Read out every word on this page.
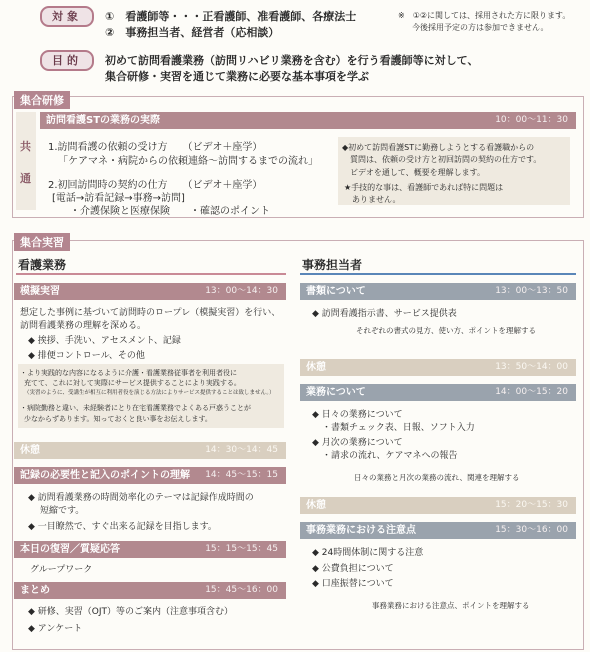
対象	①　看護師等・・・正看護師、准看護師、各療法士
②　事務担当者、経営者（応相談）
※　①②に関しては、採用された方に限ります。
今後採用予定の方は参加できません。
目的	初めて訪問看護業務（訪問リハビリ業務を含む）を行う看護師等に対して、
集合研修・実習を通じて業務に必要な基本事項を学ぶ
集合研修
共
通
訪問看護STの業務の実際	10：00～11：30
1.訪問看護の依頼の受け方　　（ビデオ＋座学）
「ケアマネ・病院からの依頼連絡～訪問するまでの流れ」
2.初回訪問時の契約の仕方　　（ビデオ＋座学）
[電話→訪看記録→事務→訪問]
・介護保険と医療保険　　・確認のポイント
◆初めて訪問看護STに勤務しようとする看護職からの
質問は、依頼の受け方と初回訪問の契約の仕方です。
ビデオを通して、概要を理解します。
★手技的な事は、看護師であれば特に問題は
ありません。
集合実習
看護業務
模擬実習	13：00～14：30
想定した事例に基づいて訪問時のロープレ（模擬実習）を行い、
訪問看護業務の理解を深める。
◆ 挨拶、手洗い、アセスメント、記録
◆ 排便コントロール、その他
・より実践的な内容になるように介護・看護業務従事者を利用者役に
充てて、これに対して実際にサービス提供することにより実践する。
（実習のように、受講生が相互に利用者役を演じる方法によりサービス提供することは致しません。）
・病院勤務と違い、未経験者にとり在宅看護業務でよくある戸惑うことが
少なからずあります。知っておくと良い事をお伝えします。
休憩	14：30～14：45
記録の必要性と記入のポイントの理解 14：45～15：15
◆ 訪問看護業務の時間効率化のテーマは記録作成時間の
短縮です。
◆ 一目瞭然で、すぐ出来る記録を目指します。
本日の復習／質疑応答	15：15～15：45
グループワーク
まとめ	15：45～16：00
◆ 研修、実習（OJT）等のご案内（注意事項含む）
◆ アンケート
事務担当者
書類について	13：00～13：50
◆ 訪問看護指示書、サービス提供表
それぞれの書式の見方、使い方、ポイントを理解する
休憩	13：50～14：00
業務について	14：00～15：20
◆ 日々の業務について
・書類チェック表、日報、ソフト入力
◆ 月次の業務について
・請求の流れ、ケアマネへの報告
日々の業務と月次の業務の流れ、関連を理解する
休憩	15：20～15：30
事務業務における注意点	15：30～16：00
◆ 24時間体制に関する注意
◆ 公費負担について
◆ 口座振替について
事務業務における注意点、ポイントを理解する
